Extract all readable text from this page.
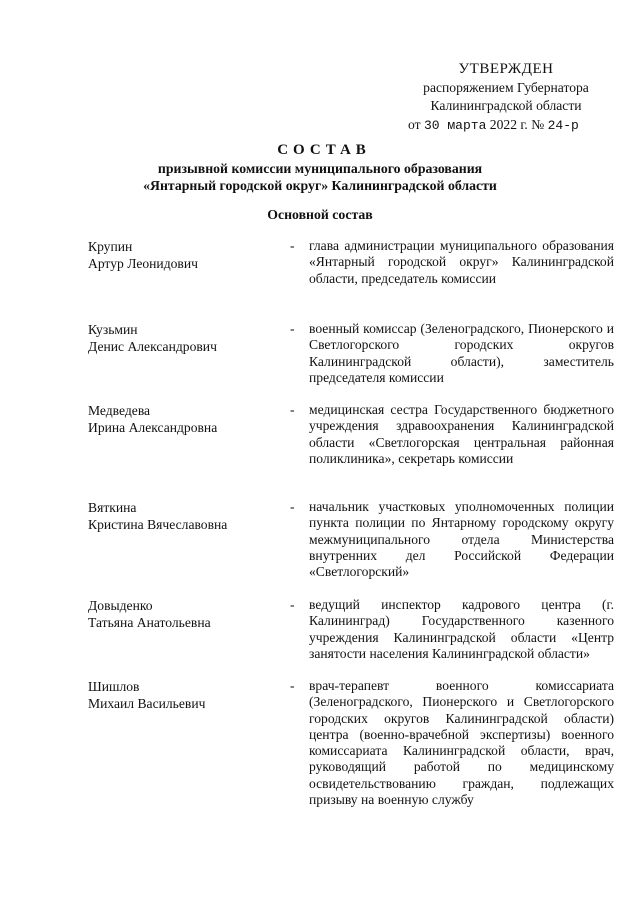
УТВЕРЖДЕН
распоряжением Губернатора
Калининградской области
от 30 марта 2022 г. № 24-р
СОСТАВ
призывной комиссии муниципального образования
«Янтарный городской округ» Калининградской области
Основной состав
Крупин
Артур Леонидович
- глава администрации муниципального образования «Янтарный городской округ» Калининградской области, председатель комиссии
Кузьмин
Денис Александрович
- военный комиссар (Зеленоградского, Пионерского и Светлогорского городских округов Калининградской области), заместитель председателя комиссии
Медведева
Ирина Александровна
- медицинская сестра Государственного бюджетного учреждения здравоохранения Калининградской области «Светлогорская центральная районная поликлиника», секретарь комиссии
Вяткина
Кристина Вячеславовна
- начальник участковых уполномоченных полиции пункта полиции по Янтарному городскому округу межмуниципального отдела Министерства внутренних дел Российской Федерации «Светлогорский»
Довыденко
Татьяна Анатольевна
- ведущий инспектор кадрового центра (г. Калининград) Государственного казенного учреждения Калининградской области «Центр занятости населения Калининградской области»
Шишлов
Михаил Васильевич
- врач-терапевт военного комиссариата (Зеленоградского, Пионерского и Светлогорского городских округов Калининградской области) центра (военно-врачебной экспертизы) военного комиссариата Калининградской области, врач, руководящий работой по медицинскому освидетельствованию граждан, подлежащих призыву на военную службу
